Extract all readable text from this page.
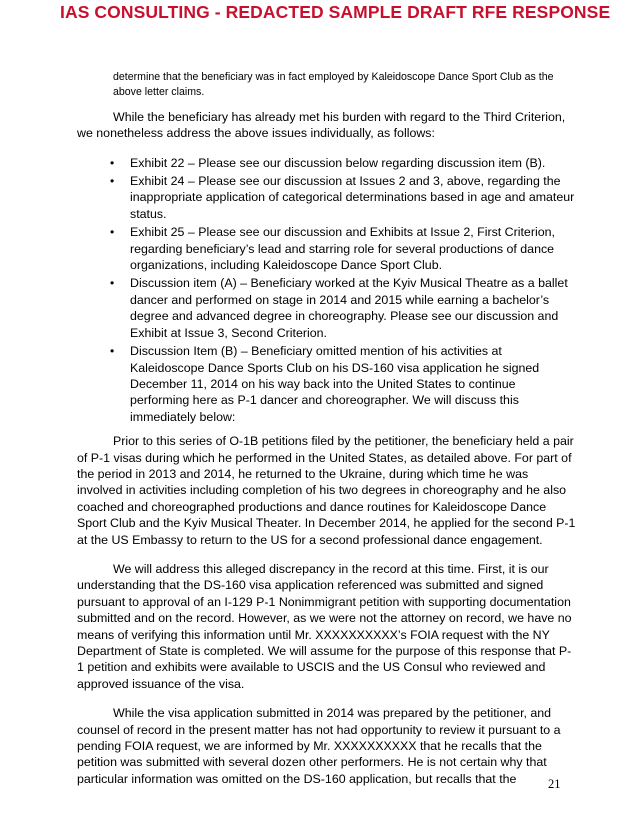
IAS CONSULTING - REDACTED SAMPLE DRAFT RFE RESPONSE
determine that the beneficiary was in fact employed by Kaleidoscope Dance Sport Club as the above letter claims.

While the beneficiary has already met his burden with regard to the Third Criterion, we nonetheless address the above issues individually, as follows:

• Exhibit 22 – Please see our discussion below regarding discussion item (B).
• Exhibit 24 – Please see our discussion at Issues 2 and 3, above, regarding the inappropriate application of categorical determinations based in age and amateur status.
• Exhibit 25 – Please see our discussion and Exhibits at Issue 2, First Criterion, regarding beneficiary’s lead and starring role for several productions of dance organizations, including Kaleidoscope Dance Sport Club.
• Discussion item (A) – Beneficiary worked at the Kyiv Musical Theatre as a ballet dancer and performed on stage in 2014 and 2015 while earning a bachelor’s degree and advanced degree in choreography. Please see our discussion and Exhibit at Issue 3, Second Criterion.
• Discussion Item (B) – Beneficiary omitted mention of his activities at Kaleidoscope Dance Sports Club on his DS-160 visa application he signed December 11, 2014 on his way back into the United States to continue performing here as P-1 dancer and choreographer. We will discuss this immediately below:

Prior to this series of O-1B petitions filed by the petitioner, the beneficiary held a pair of P-1 visas during which he performed in the United States, as detailed above. For part of the period in 2013 and 2014, he returned to the Ukraine, during which time he was involved in activities including completion of his two degrees in choreography and he also coached and choreographed productions and dance routines for Kaleidoscope Dance Sport Club and the Kyiv Musical Theater. In December 2014, he applied for the second P-1 at the US Embassy to return to the US for a second professional dance engagement.

We will address this alleged discrepancy in the record at this time. First, it is our understanding that the DS-160 visa application referenced was submitted and signed pursuant to approval of an I-129 P-1 Nonimmigrant petition with supporting documentation submitted and on the record. However, as we were not the attorney on record, we have no means of verifying this information until Mr. XXXXXXXXXX’s FOIA request with the NY Department of State is completed. We will assume for the purpose of this response that P-1 petition and exhibits were available to USCIS and the US Consul who reviewed and approved issuance of the visa.

While the visa application submitted in 2014 was prepared by the petitioner, and counsel of record in the present matter has not had opportunity to review it pursuant to a pending FOIA request, we are informed by Mr. XXXXXXXXXX that he recalls that the petition was submitted with several dozen other performers. He is not certain why that particular information was omitted on the DS-160 application, but recalls that the	21
